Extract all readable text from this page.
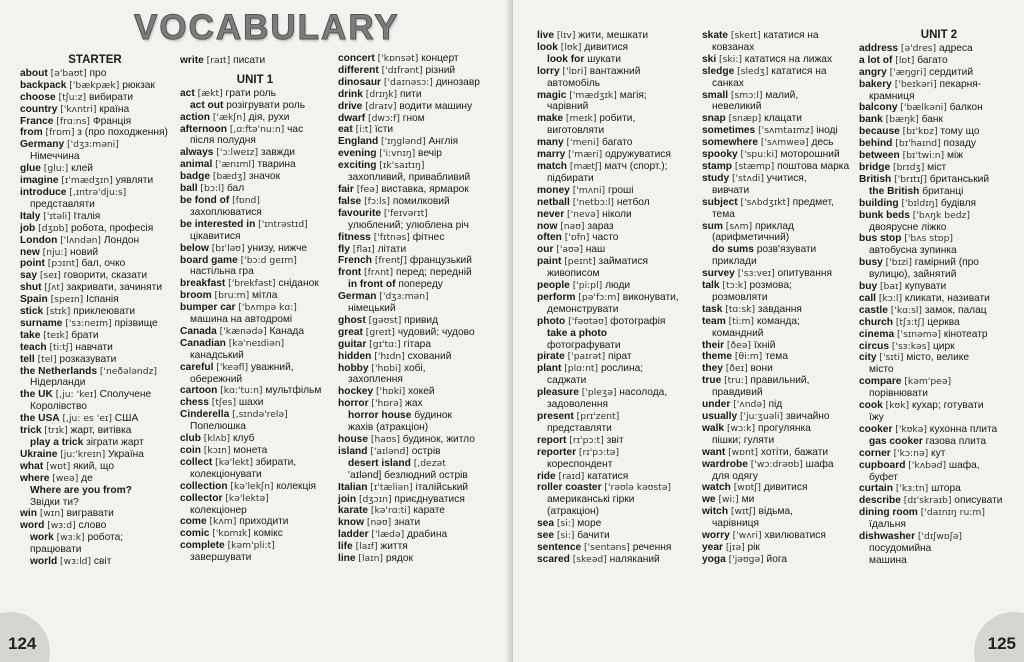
VOCABULARY
STARTER
about [ə'baʊt] про
backpack ['bækpæk] рюкзак
choose [tʃu:z] вибирати
country ['kʌntri] країна
France [frɑ:ns] Франція
from [frɒm] з (про походження)
Germany ['dʒɜ:məni]
Німеччина
glue [glu:] клей
imagine [ɪ'mædʒɪn] уявляти
introduce [,ɪntrə'dju:s]
представляти
Italy ['ɪtəli] Італія
job [dʒɒb] робота, професія
London ['lʌndən] Лондон
new [nju:] новий
point [pɔɪnt] бал, очко
say [seɪ] говорити, сказати
shut [ʃʌt] закривати, зачиняти
Spain [speɪn] Іспанія
stick [stɪk] приклеювати
surname ['sɜ:neɪm] прізвище
take [teɪk] брати
teach [ti:tʃ] навчати
tell [tel] розказувати
the Netherlands ['neðələndz]
Нідерланди
the UK [,ju: 'keɪ] Сполучене
Королівство
the USA [,ju: es 'eɪ] США
trick [trɪk] жарт, витівка
play a trick зіграти жарт
Ukraine [ju:'kreɪn] Україна
what [wɒt] який, що
where [weə] де
Where are you from?
Звідки ти?
win [wɪn] вигравати
word [wɜ:d] слово
work [wɜ:k] робота;
працювати
world [wɜ:ld] світ
write [raɪt] писати
UNIT 1
act [ækt] грати роль
act out розігрувати роль
action ['ækʃn] дія, рухи
afternoon [,ɑ:ftə'nu:n] час
після полудня
always ['ɔ:lweɪz] завжди
animal ['ænɪml] тварина
badge [bædʒ] значок
ball [bɔ:l] бал
be fond of [fɒnd]
захоплюватися
be interested in ['ɪntrəstɪd]
цікавитися
below [bɪ'ləʊ] унизу, нижче
board game ['bɔ:d geɪm]
настільна гра
breakfast ['brekfəst] сніданок
broom [bru:m] мітла
bumper car ['bʌmpə kɑ:]
машина на автодромі
Canada ['kænədə] Канада
Canadian [kə'neɪdiən]
канадський
careful ['keəfl] уважний,
обережний
cartoon [kɑ:'tu:n] мультфільм
chess [tʃes] шахи
Cinderella [,sɪndə'relə]
Попелюшка
club [klʌb] клуб
coin [kɔɪn] монета
collect [kə'lekt] збирати,
колекціонувати
collection [kə'lekʃn] колекція
collector [kə'lektə]
колекціонер
come [kʌm] приходити
comic ['kɒmɪk] комікс
complete [kəm'pli:t]
завершувати
concert ['kɒnsət] концерт
different ['dɪfrənt] різний
dinosaur ['daɪnəsɔ:] динозавр
drink [drɪŋk] пити
drive [draɪv] водити машину
dwarf [dwɔ:f] гном
eat [i:t] їсти
England ['ɪŋglənd] Англія
evening ['i:vnɪŋ] вечір
exciting [ɪk'saɪtɪŋ]
захопливий, привабливий
fair [feə] виставка, ярмарок
false [fɔ:ls] помилковий
favourite ['feɪvərɪt]
улюблений; улюблена річ
fitness ['fɪtnəs] фітнес
fly [flaɪ] літати
French [frentʃ] французький
front [frʌnt] перед; передній
in front of попереду
German ['dʒɜ:mən]
німецький
ghost [gəʊst] привид
great [greɪt] чудовий; чудово
guitar [gɪ'tɑ:] гітара
hidden ['hɪdn] схований
hobby ['hɒbi] хобі,
захоплення
hockey ['hɒki] хокей
horror ['hɒrə] жах
horror house будинок
жахів (атракціон)
house [haʊs] будинок, житло
island ['aɪlənd] острів
desert island [,dezət
'aɪlənd] безлюдний острів
Italian [ɪ'tæliən] італійський
join [dʒɔɪn] приєднуватися
karate [kə'rɑ:ti] карате
know [nəʊ] знати
ladder ['lædə] драбина
life [laɪf] життя
line [laɪn] рядок
124
live [lɪv] жити, мешкати
look [lʊk] дивитися
look for шукати
lorry ['lɒri] вантажний
автомобіль
magic ['mædʒɪk] магія;
чарівний
make [meɪk] робити,
виготовляти
many ['meni] багато
marry ['mæri] одружуватися
match [mætʃ] матч (спорт.);
підбирати
money ['mʌni] гроші
netball ['netbɔ:l] нетбол
never ['nevə] ніколи
now [naʊ] зараз
often ['ɒfn] часто
our ['aʊə] наш
paint [peɪnt] займатися
живописом
people ['pi:pl] люди
perform [pə'fɔ:m] виконувати,
демонструвати
photo ['fəʊtəʊ] фотографія
take a photo
фотографувати
pirate ['paɪrət] пірат
plant [plɑ:nt] рослина;
саджати
pleasure ['pleʒə] насолода,
задоволення
present [prɪ'zent]
представляти
report [rɪ'pɔ:t] звіт
reporter [rɪ'pɔ:tə]
кореспондент
ride [raɪd] кататися
roller coaster ['rəʊlə kəʊstə]
американські гірки
(атракціон)
sea [si:] море
see [si:] бачити
sentence ['sentəns] речення
scared [skeəd] наляканий
skate [skeɪt] кататися на
ковзанах
ski [ski:] кататися на лижах
sledge [sledʒ] кататися на
санках
small [smɔ:l] малий,
невеликий
snap [snæp] клацати
sometimes ['sʌmtaɪmz] іноді
somewhere ['sʌmweə] десь
spooky ['spu:ki] моторошний
stamp [stæmp] поштова марка
study ['stʌdi] учитися,
вивчати
subject ['sʌbdʒɪkt] предмет,
тема
sum [sʌm] приклад
(арифметичний)
do sums розв'язувати
приклади
survey ['sɜ:veɪ] опитування
talk [tɔ:k] розмова;
розмовляти
task [tɑ:sk] завдання
team [ti:m] команда;
командний
their [ðeə] їхній
theme [θi:m] тема
they [ðeɪ] вони
true [tru:] правильний,
правдивий
under ['ʌndə] під
usually ['ju:ʒuəli] звичайно
walk [wɔ:k] прогулянка
пішки; гуляти
want [wɒnt] хотіти, бажати
wardrobe ['wɔ:drəʊb] шафа
для одягу
watch [wɒtʃ] дивитися
we [wi:] ми
witch [wɪtʃ] відьма,
чарівниця
worry ['wʌri] хвилюватися
year [jɪə] рік
yoga ['jəʊgə] йога
UNIT 2
address [ə'dres] адреса
a lot of [lɒt] багато
angry ['æŋgri] сердитий
bakery ['beɪkəri] пекарня-
крамниця
balcony ['bælkəni] балкон
bank [bæŋk] банк
because [bɪ'kɒz] тому що
behind [bɪ'haɪnd] позаду
between [bɪ'twi:n] між
bridge [brɪdʒ] міст
British ['brɪtɪʃ] британський
the British британці
building ['bɪldɪŋ] будівля
bunk beds ['bʌŋk bedz]
двоярусне ліжко
bus stop ['bʌs stɒp]
автобусна зупинка
busy ['bɪzi] гамірний (про
вулицю), зайнятий
buy [baɪ] купувати
call [kɔ:l] кликати, називати
castle ['kɑ:sl] замок, палац
church [tʃɜ:tʃ] церква
cinema ['sɪnəmə] кінотеатр
circus ['sɜ:kəs] цирк
city ['sɪti] місто, велике
місто
compare [kəm'peə]
порівнювати
cook [kʊk] кухар; готувати
їжу
cooker ['kʊkə] кухонна плита
gas cooker газова плита
corner ['kɔ:nə] кут
cupboard ['kʌbəd] шафа,
буфет
curtain ['kɜ:tn] штора
describe [dɪ'skraɪb] описувати
dining room ['daɪnɪŋ ru:m]
їдальня
dishwasher ['dɪʃwɒʃə]
посудомийна
машина
125
